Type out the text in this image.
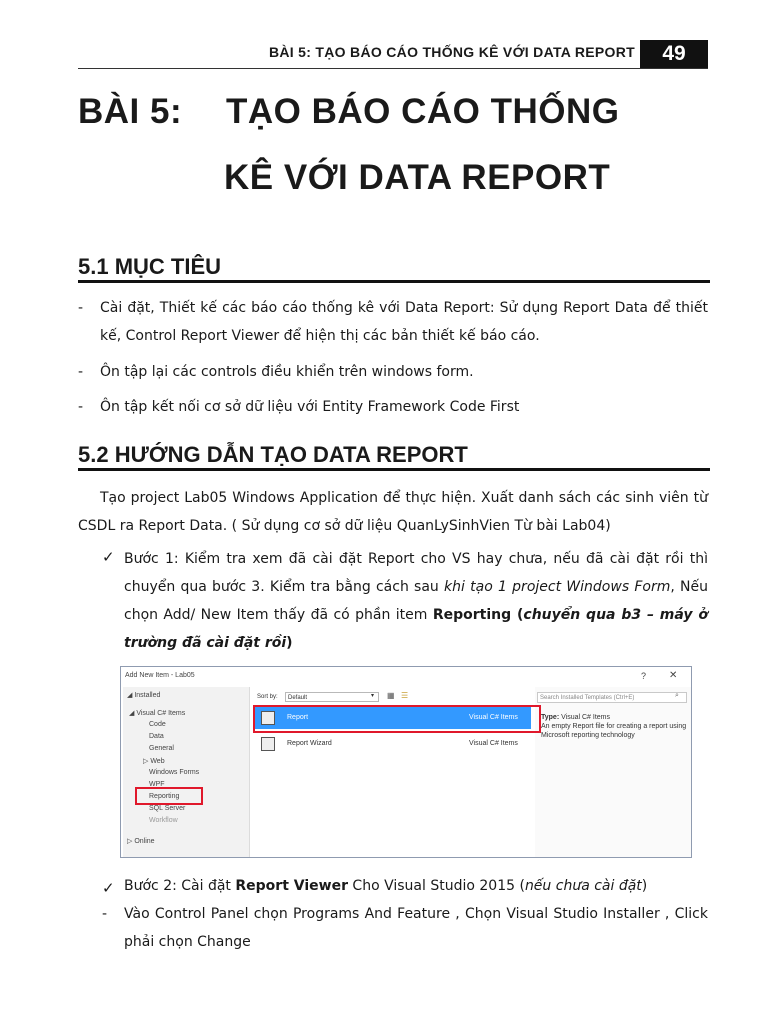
BÀI 5: TẠO BÁO CÁO THỐNG KÊ VỚI DATA REPORT	49
BÀI 5: TẠO BÁO CÁO THỐNG
KÊ VỚI DATA REPORT
5.1 MỤC TIÊU
- Cài đặt, Thiết kế các báo cáo thống kê với Data Report: Sử dụng Report Data để thiết kế, Control Report Viewer để hiện thị các bản thiết kế báo cáo.
- Ôn tập lại các controls điều khiển trên windows form.
- Ôn tập kết nối cơ sở dữ liệu với Entity Framework Code First
5.2 HƯỚNG DẪN TẠO DATA REPORT
Tạo project Lab05 Windows Application để thực hiện. Xuất danh sách các sinh viên từ CSDL ra Report Data. ( Sử dụng cơ sở dữ liệu QuanLySinhVien Từ bài Lab04)
✓ Bước 1: Kiểm tra xem đã cài đặt Report cho VS hay chưa, nếu đã cài đặt rồi thì chuyển qua bước 3. Kiểm tra bằng cách sau khi tạo 1 project Windows Form, Nếu chọn Add/ New Item thấy đã có phần item Reporting (chuyển qua b3 – máy ở trường đã cài đặt rồi)
Add New Item - Lab05	? ✕
◢ Installed
◢ Visual C# Items
Code
Data
General
▷ Web
Windows Forms
WPF
Reporting
SQL Server
Workflow
▷ Online
Sort by:	Default	▾ ▦ ☰	Search Installed Templates (Ctrl+E)	⌕
Report	Visual C# Items
Report Wizard	Visual C# Items
Type: Visual C# Items
An empty Report file for creating a report using Microsoft reporting technology
✓ Bước 2: Cài đặt Report Viewer Cho Visual Studio 2015 (nếu chưa cài đặt)
- Vào Control Panel chọn Programs And Feature , Chọn Visual Studio Installer , Click phải chọn Change
